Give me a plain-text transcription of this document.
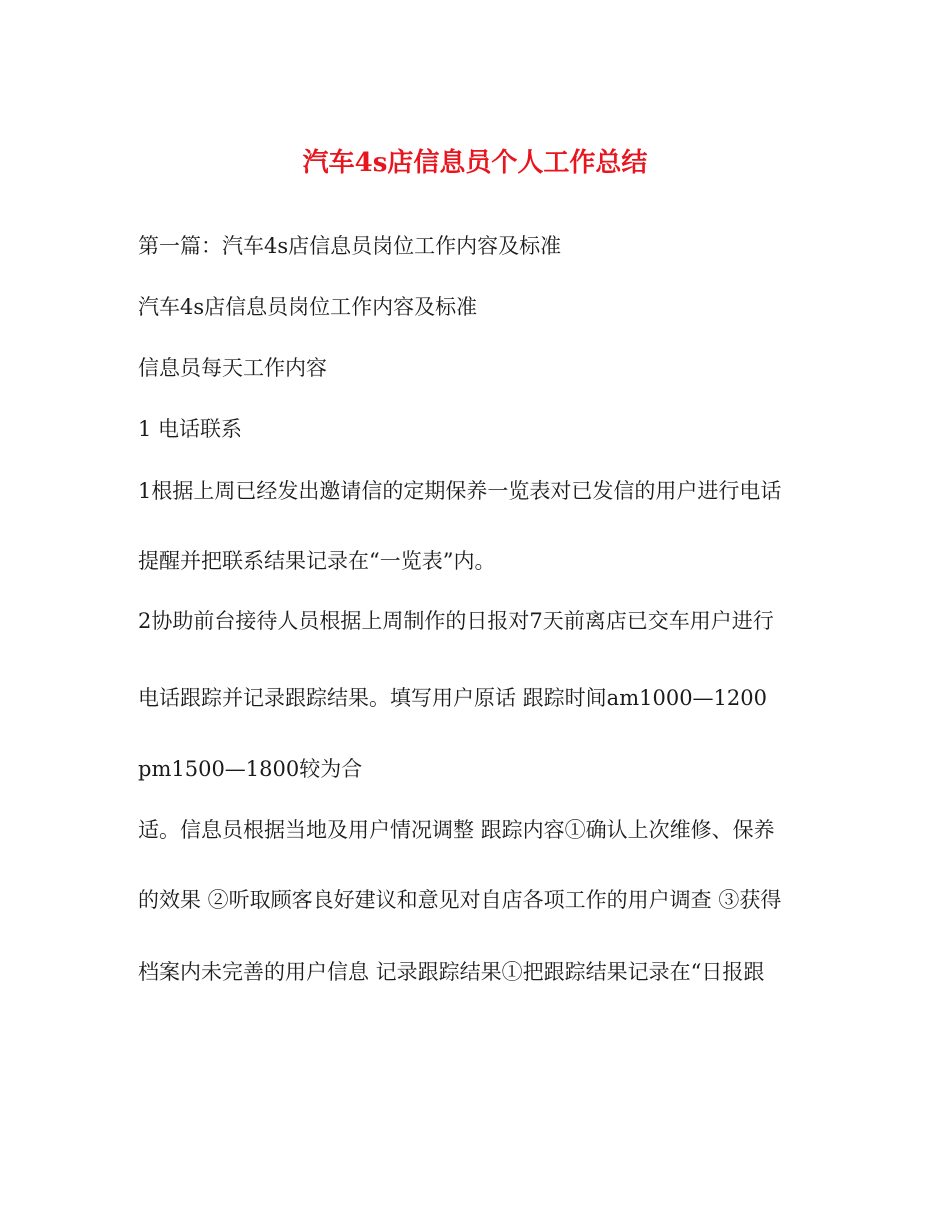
汽车4s店信息员个人工作总结
第一篇：汽车4s店信息员岗位工作内容及标准
汽车4s店信息员岗位工作内容及标准
信息员每天工作内容
1 电话联系
1根据上周已经发出邀请信的定期保养一览表对已发信的用户进行电话
提醒并把联系结果记录在“一览表”内。
2协助前台接待人员根据上周制作的日报对7天前离店已交车用户进行
电话跟踪并记录跟踪结果。填写用户原话 跟踪时间am1000—1200
pm1500—1800较为合
适。信息员根据当地及用户情况调整 跟踪内容①确认上次维修、保养
的效果 ②听取顾客良好建议和意见对自店各项工作的用户调查 ③获得
档案内未完善的用户信息 记录跟踪结果①把跟踪结果记录在“日报跟
